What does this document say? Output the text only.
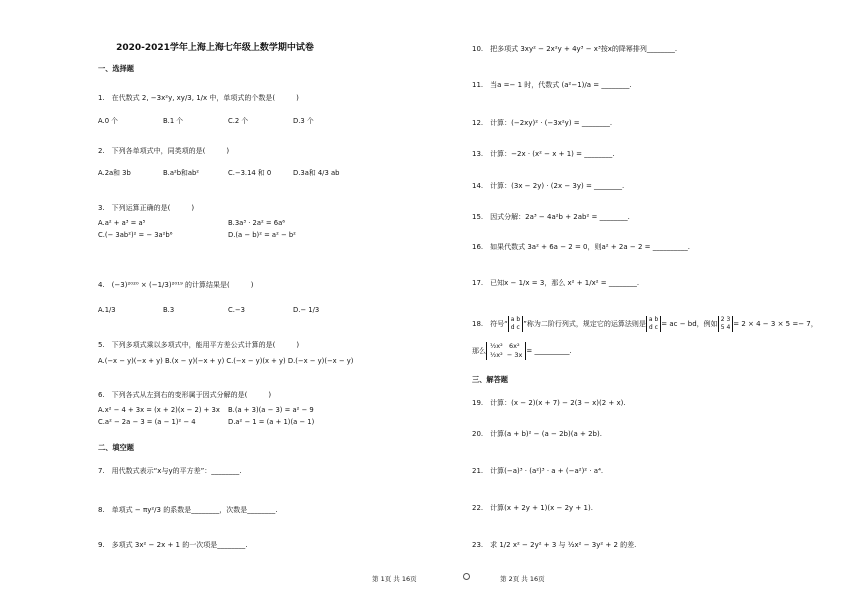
2020-2021学年上海上海七年级上数学期中试卷
一、选择题
1.　在代数式 2, −3x²y, xy/3, 1/x 中，单项式的个数是(　　　)
A.0 个	B.1 个	C.2 个	D.3 个
2.　下列各单项式中，同类项的是(　　　)
A.2a和 3b	B.a²b和ab²	C.−3.14 和 0	D.3a和 4/3 ab
3.　下列运算正确的是(　　　)
A.a² + a³ = a⁵	B.3a³ · 2a² = 6a⁶
C.(− 3ab²)² = − 3a²b⁶	D.(a − b)² = a² − b²
4.　(−3)²⁰²⁰ × (−1/3)²⁰¹⁹ 的计算结果是(　　　)
A.1/3	B.3	C.−3	D.− 1/3
5.　下列多项式乘以多项式中，能用平方差公式计算的是(　　　)
A.(−x − y)(−x + y) B.(x − y)(−x + y) C.(−x − y)(x + y) D.(−x − y)(−x − y)
6.　下列各式从左到右的变形属于因式分解的是(　　　)
A.x² − 4 + 3x = (x + 2)(x − 2) + 3x B.(a + 3)(a − 3) = a² − 9
C.a² − 2a − 3 = (a − 1)² − 4	D.a² − 1 = (a + 1)(a − 1)
二、填空题
7.　用代数式表示“x与y的平方差”：________.
8.　单项式 − πy²/3 的系数是________，次数是________.
9.　多项式 3x² − 2x + 1 的一次项是________.
10.　把多项式 3xy² − 2x²y + 4y³ − x³按x的降幂排列________.
11.　当a =− 1 时，代数式 (a²−1)/a = ________.
12.　计算：(−2xy)² · (−3x²y) = ________.
13.　计算：−2x · (x² − x + 1) = ________.
14.　计算：(3x − 2y) · (2x − 3y) = ________.
15.　因式分解：2a³ − 4a²b + 2ab² = ________.
16.　如果代数式 3a² + 6a − 2 = 0，则a² + 2a − 2 = __________.
17.　已知x − 1/x = 3，那么 x² + 1/x² = ________.
18.　符号“a b
d c ”称为二阶行列式，规定它的运算法则是a b
d c = ac − bd，例如2 3
5 4 = 2 × 4 − 3 × 5 =− 7，
那么½x² 6x²
½x² − 3x = __________.
三、解答题
19.　计算：(x − 2)(x + 7) − 2(3 − x)(2 + x).
20.　计算(a + b)² − (a − 2b)(a + 2b).
21.　计算(−a)³ · (a²)³ · a + (−a²)² · a⁴.
22.　计算(x + 2y + 1)(x − 2y + 1).
23.　求 1/2 x² − 2y² + 3 与 ½x² − 3y² + 2 的差.
第 1页 共 16页	第 2页 共 16页
